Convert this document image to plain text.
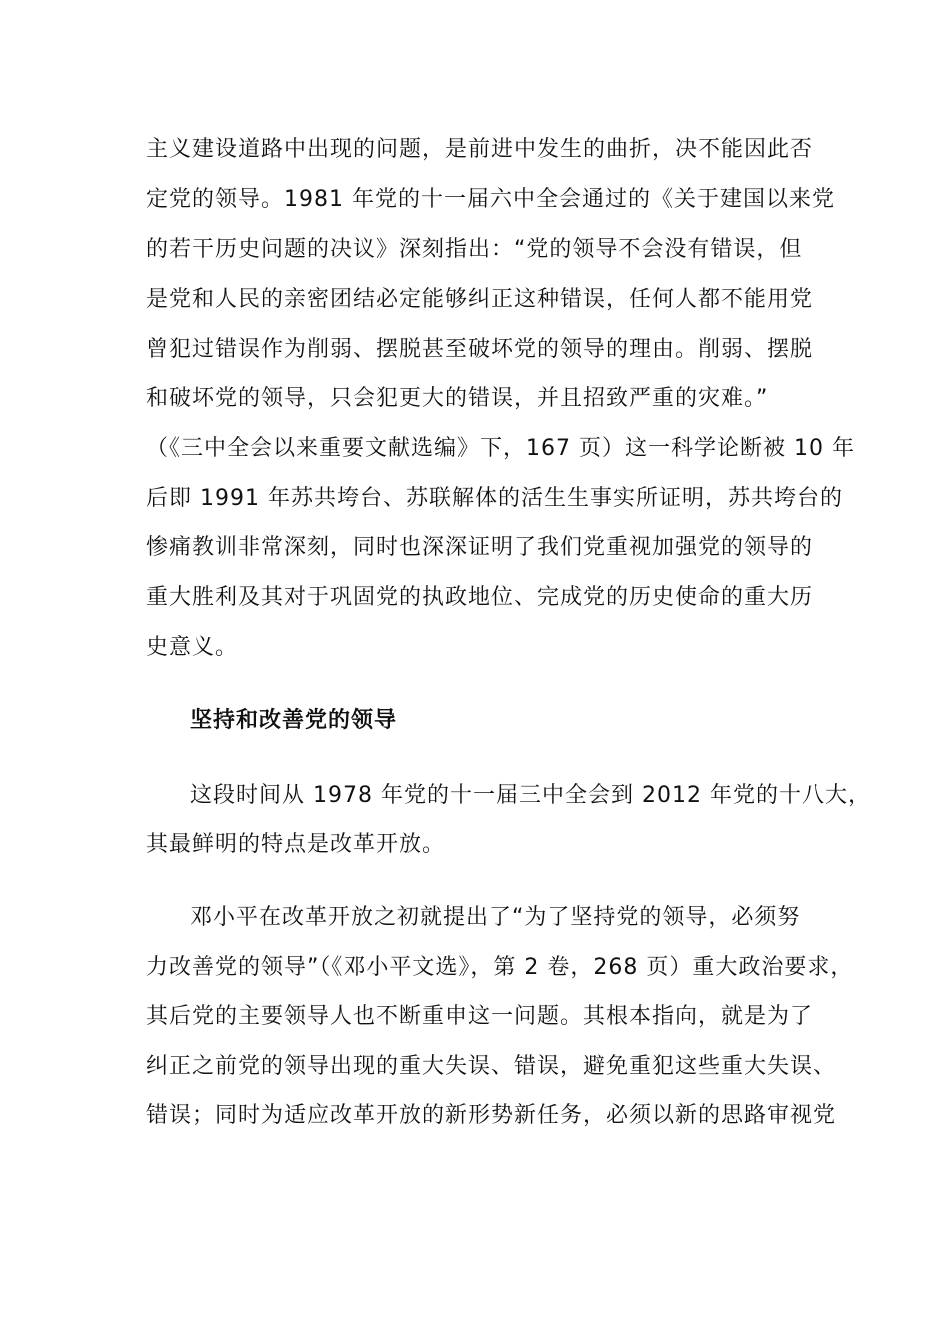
主义建设道路中出现的问题，是前进中发生的曲折，决不能因此否
定党的领导。1981 年党的十一届六中全会通过的《关于建国以来党
的若干历史问题的决议》深刻指出：“党的领导不会没有错误，但
是党和人民的亲密团结必定能够纠正这种错误，任何人都不能用党
曾犯过错误作为削弱、摆脱甚至破坏党的领导的理由。削弱、摆脱
和破坏党的领导，只会犯更大的错误，并且招致严重的灾难。”
（《三中全会以来重要文献选编》下，167 页）这一科学论断被 10 年
后即 1991 年苏共垮台、苏联解体的活生生事实所证明，苏共垮台的
惨痛教训非常深刻，同时也深深证明了我们党重视加强党的领导的
重大胜利及其对于巩固党的执政地位、完成党的历史使命的重大历
史意义。
坚持和改善党的领导
这段时间从 1978 年党的十一届三中全会到 2012 年党的十八大，
其最鲜明的特点是改革开放。
邓小平在改革开放之初就提出了“为了坚持党的领导，必须努
力改善党的领导”（《邓小平文选》，第 2 卷，268 页）重大政治要求，
其后党的主要领导人也不断重申这一问题。其根本指向，就是为了
纠正之前党的领导出现的重大失误、错误，避免重犯这些重大失误、
错误；同时为适应改革开放的新形势新任务，必须以新的思路审视党
